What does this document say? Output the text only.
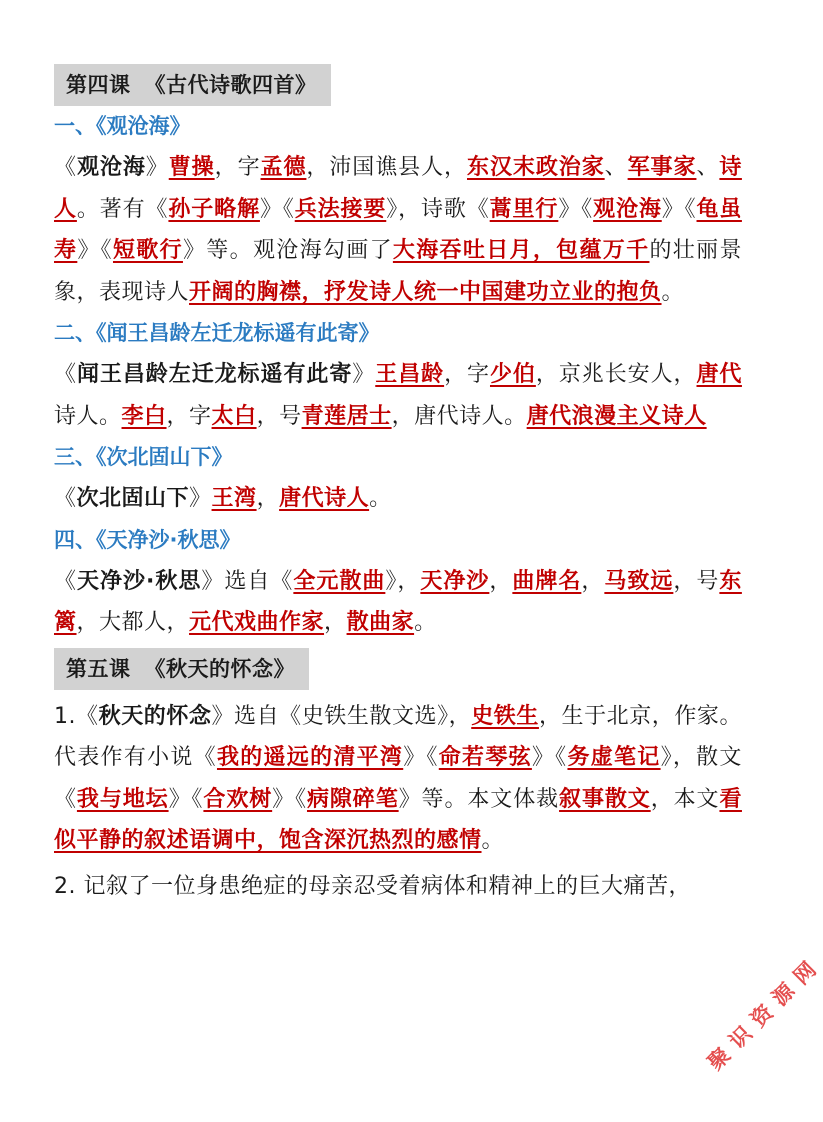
第四课 《古代诗歌四首》
一、《观沧海》

《观沧海》曹操，字孟德，沛国谯县人，东汉末政治家、军事家、诗人。著有《孙子略解》《兵法接要》，诗歌《蒿里行》《观沧海》《龟虽寿》《短歌行》等。观沧海勾画了大海吞吐日月，包蕴万千的壮丽景象，表现诗人开阔的胸襟，抒发诗人统一中国建功立业的抱负。

二、《闻王昌龄左迁龙标遥有此寄》

《闻王昌龄左迁龙标遥有此寄》王昌龄，字少伯，京兆长安人，唐代诗人。李白，字太白，号青莲居士，唐代诗人。唐代浪漫主义诗人

三、《次北固山下》

《次北固山下》王湾，唐代诗人。

四、《天净沙·秋思》

《天净沙·秋思》选自《全元散曲》，天净沙，曲牌名，马致远，号东篱，大都人，元代戏曲作家，散曲家。

第五课 《秋天的怀念》

1.《秋天的怀念》选自《史铁生散文选》，史铁生，生于北京，作家。代表作有小说《我的遥远的清平湾》《命若琴弦》《务虚笔记》，散文《我与地坛》《合欢树》《病隙碎笔》等。本文体裁叙事散文，本文看似平静的叙述语调中，饱含深沉热烈的感情。

2. 记叙了一位身患绝症的母亲忍受着病体和精神上的巨大痛苦，

聚 识 资 源 网
